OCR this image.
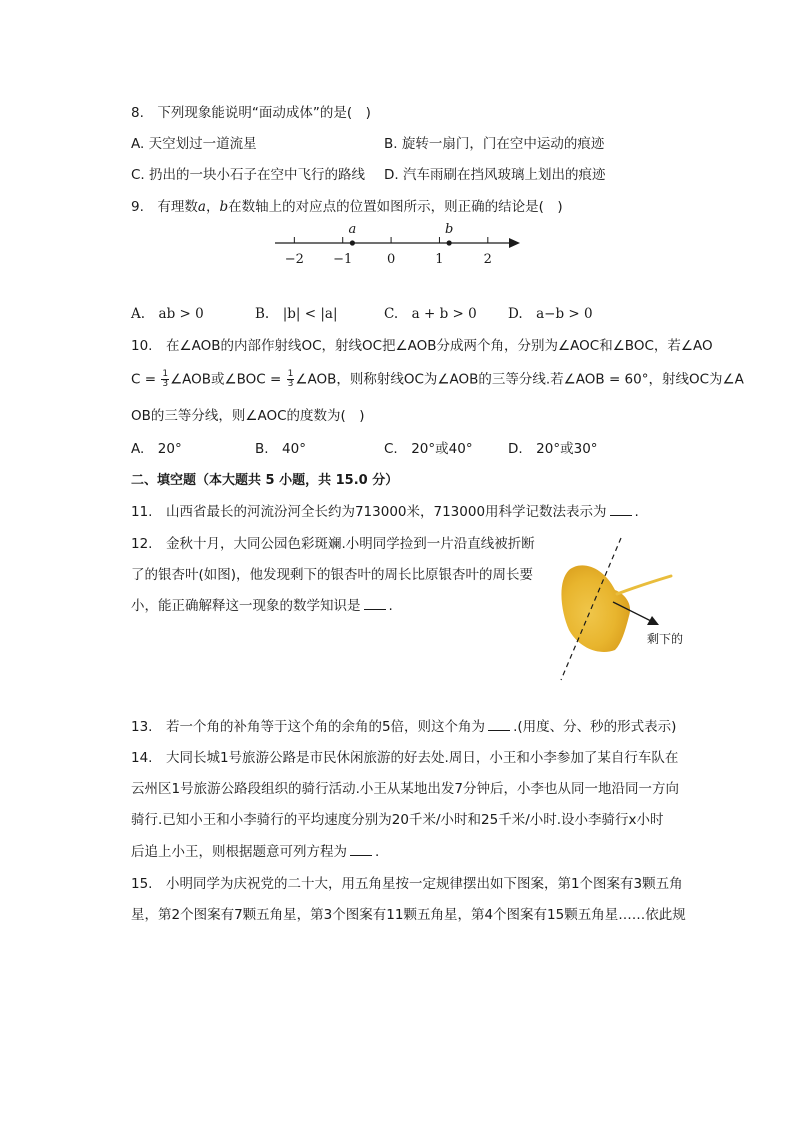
8. 下列现象能说明“面动成体”的是( )
A. 天空划过一道流星	B. 旋转一扇门，门在空中运动的痕迹
C. 扔出的一块小石子在空中飞行的路线 D. 汽车雨刷在挡风玻璃上划出的痕迹
9. 有理数a，b在数轴上的对应点的位置如图所示，则正确的结论是( )
−2 −1	0	1	2
a	b
A. ab > 0	B. |b| < |a|	C. a + b > 0 D. a−b > 0
10. 在∠AOB的内部作射线OC，射线OC把∠AOB分成两个角，分别为∠AOC和∠BOC，若∠AO
$C = \frac{1}{3}$ ∠AOB或∠BOC = $\frac{1}{3}$ ∠AOB，则称射线OC为∠AOB的三等分线.若∠AOB = 60°，射线OC为∠A
OB的三等分线，则∠AOC的度数为( )
A. 20°	B. 40°	C. 20°或40°	D. 20°或30°
二、填空题（本大题共 5 小题，共 15.0 分）
11. 山西省最长的河流汾河全长约为713000米，713000用科学记数法表示为 .
12. 金秋十月，大同公园色彩斑斓.小明同学捡到一片沿直线被折断
了的银杏叶(如图)，他发现剩下的银杏叶的周长比原银杏叶的周长要
小，能正确解释这一现象的数学知识是 .
剩下的
13. 若一个角的补角等于这个角的余角的5倍，则这个角为 .(用度、分、秒的形式表示)
14. 大同长城1号旅游公路是市民休闲旅游的好去处.周日，小王和小李参加了某自行车队在
云州区1号旅游公路段组织的骑行活动.小王从某地出发7分钟后，小李也从同一地沿同一方向
骑行.已知小王和小李骑行的平均速度分别为20千米/小时和25千米/小时.设小李骑行x小时
后追上小王，则根据题意可列方程为 .
15. 小明同学为庆祝党的二十大，用五角星按一定规律摆出如下图案，第1个图案有3颗五角
星，第2个图案有7颗五角星，第3个图案有11颗五角星，第4个图案有15颗五角星……依此规
